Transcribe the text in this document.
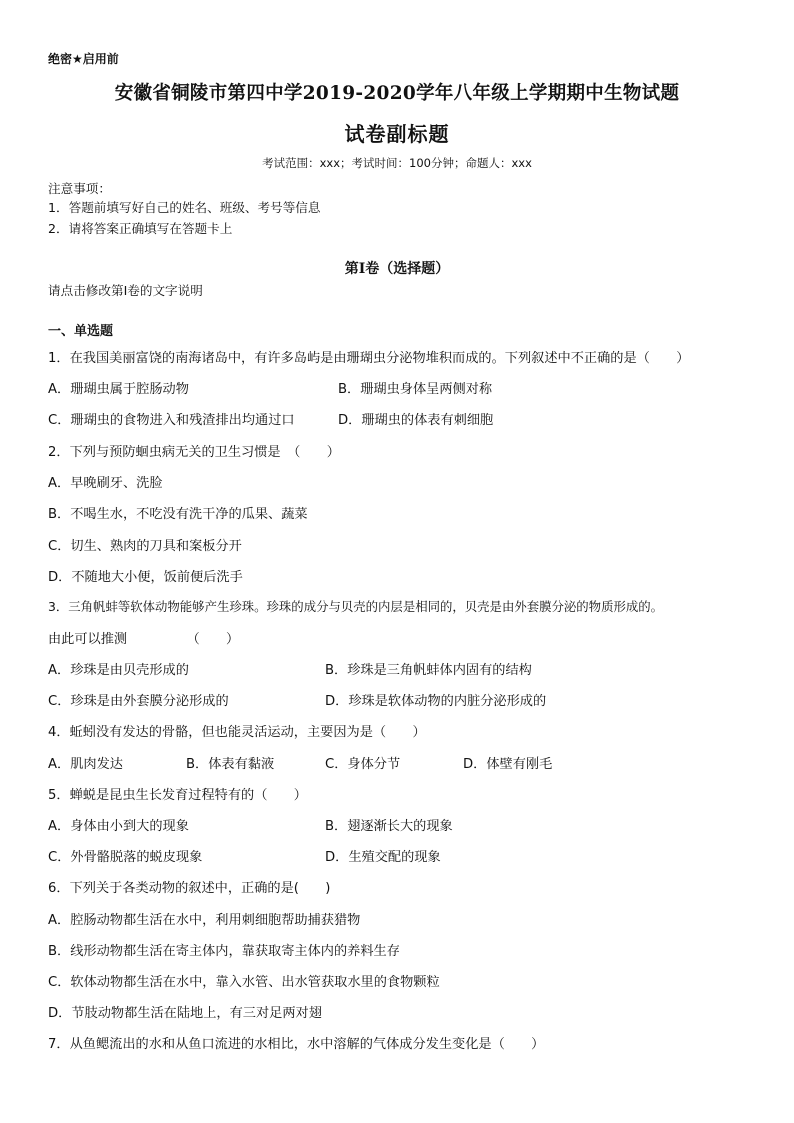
绝密★启用前
安徽省铜陵市第四中学2019-2020学年八年级上学期期中生物试题
试卷副标题
考试范围：xxx；考试时间：100分钟；命题人：xxx
注意事项：
1．答题前填写好自己的姓名、班级、考号等信息
2．请将答案正确填写在答题卡上
第I卷（选择题）
请点击修改第I卷的文字说明
一、单选题
1．在我国美丽富饶的南海诸岛中，有许多岛屿是由珊瑚虫分泌物堆积而成的。下列叙述中不正确的是（　　）
A．珊瑚虫属于腔肠动物	B．珊瑚虫身体呈两侧对称
C．珊瑚虫的食物进入和残渣排出均通过口	D．珊瑚虫的体表有刺细胞
2．下列与预防蛔虫病无关的卫生习惯是　（　　）
A．早晚刷牙、洗脸
B．不喝生水，不吃没有洗干净的瓜果、蔬菜
C．切生、熟肉的刀具和案板分开
D．不随地大小便，饭前便后洗手
3．三角帆蚌等软体动物能够产生珍珠。珍珠的成分与贝壳的内层是相同的，贝壳是由外套膜分泌的物质形成的。
由此可以推测　　　　　（　　）
A．珍珠是由贝壳形成的	B．珍珠是三角帆蚌体内固有的结构
C．珍珠是由外套膜分泌形成的	D．珍珠是软体动物的内脏分泌形成的
4．蚯蚓没有发达的骨骼，但也能灵活运动，主要因为是（　　）
A．肌肉发达	B．体表有黏液	C．身体分节	D．体壁有刚毛
5．蝉蜕是昆虫生长发育过程特有的（　　）
A．身体由小到大的现象	B．翅逐渐长大的现象
C．外骨骼脱落的蜕皮现象	D．生殖交配的现象
6．下列关于各类动物的叙述中，正确的是(　　)
A．腔肠动物都生活在水中，利用刺细胞帮助捕获猎物
B．线形动物都生活在寄主体内，靠获取寄主体内的养料生存
C．软体动物都生活在水中，靠入水管、出水管获取水里的食物颗粒
D．节肢动物都生活在陆地上，有三对足两对翅
7．从鱼鳃流出的水和从鱼口流进的水相比，水中溶解的气体成分发生变化是（　　）
